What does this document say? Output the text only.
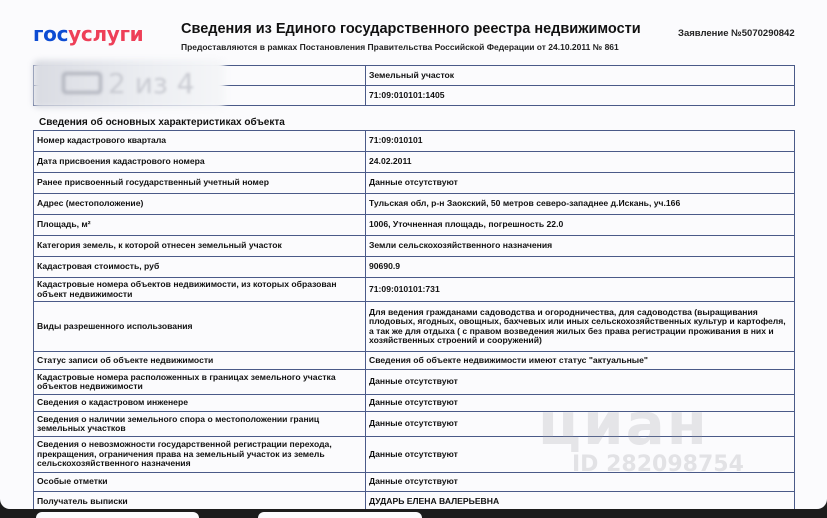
госуслуги	Сведения из Единого государственного реестра недвижимости
Предоставляются в рамках Постановления Правительства Российской Федерации от 24.10.2011 № 861
Заявление №5070290842
	Земельный участок
	71:09:010101:1405
2 из 4
Сведения об основных характеристиках объекта
Номер кадастрового квартала	71:09:010101
Дата присвоения кадастрового номера	24.02.2011
Ранее присвоенный государственный учетный номер	Данные отсутствуют
Адрес (местоположение)	Тульская обл, р-н Заокский, 50 метров северо-западнее д.Искань, уч.166
Площадь, м²	1006, Уточненная площадь, погрешность 22.0
Категория земель, к которой отнесен земельный участок	Земли сельскохозяйственного назначения
Кадастровая стоимость, руб	90690.9
Кадастровые номера объектов недвижимости, из которых образован объект недвижимости	71:09:010101:731
Виды разрешенного использования	Для ведения гражданами садоводства и огородничества, для садоводства (выращивания плодовых, ягодных, овощных, бахчевых или иных сельскохозяйственных культур и картофеля, а так же для отдыха ( с правом возведения жилых без права регистрации проживания в них и хозяйственных строений и сооружений)
Статус записи об объекте недвижимости	Сведения об объекте недвижимости имеют статус "актуальные"
Кадастровые номера расположенных в границах земельного участка объектов недвижимости	Данные отсутствуют
Сведения о кадастровом инженере	Данные отсутствуют
Сведения о наличии земельного спора о местоположении границ земельных участков	Данные отсутствуют
Сведения о невозможности государственной регистрации перехода, прекращения, ограничения права на земельный участок из земель сельскохозяйственного назначения	Данные отсутствуют
Особые отметки	Данные отсутствуют
Получатель выписки	ДУДАРЬ ЕЛЕНА ВАЛЕРЬЕВНА
циан
ID 282098754
